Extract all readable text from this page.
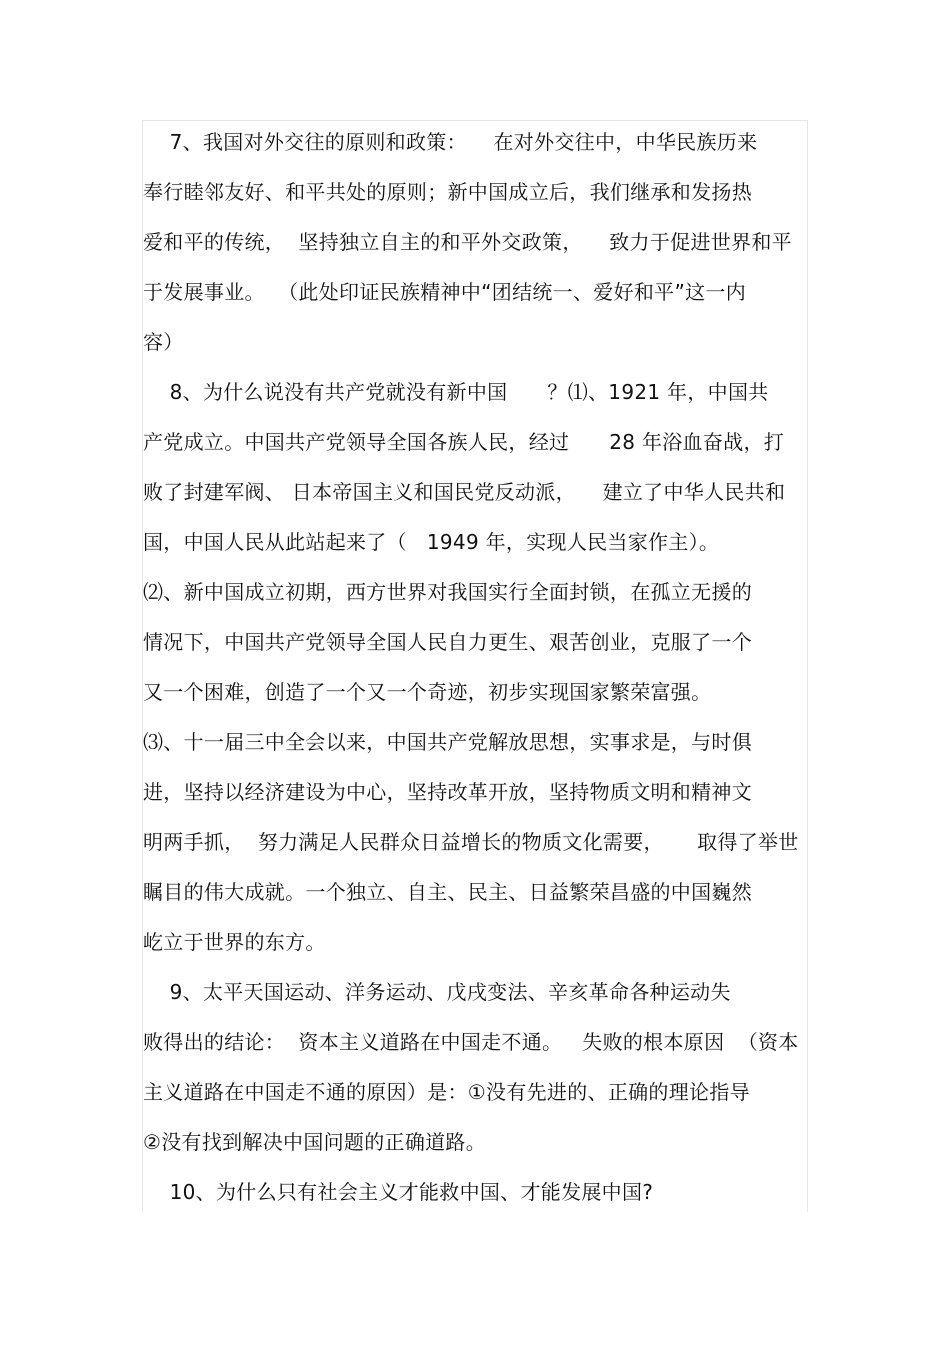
7、我国对外交往的原则和政策：    在对外交往中，中华民族历来
奉行睦邻友好、和平共处的原则；新中国成立后，我们继承和发扬热
爱和平的传统，  坚持独立自主的和平外交政策，    致力于促进世界和平
于发展事业。  （此处印证民族精神中“团结统一、爱好和平”这一内
容）
8、为什么说没有共产党就没有新中国      ？⑴、1921 年，中国共
产党成立。中国共产党领导全国各族人民，经过      28 年浴血奋战，打
败了封建军阀、 日本帝国主义和国民党反动派，    建立了中华人民共和
国，中国人民从此站起来了（   1949 年，实现人民当家作主）。
⑵、新中国成立初期，西方世界对我国实行全面封锁，在孤立无援的
情况下，中国共产党领导全国人民自力更生、艰苦创业，克服了一个
又一个困难，创造了一个又一个奇迹，初步实现国家繁荣富强。
⑶、十一届三中全会以来，中国共产党解放思想，实事求是，与时俱
进，坚持以经济建设为中心，坚持改革开放，坚持物质文明和精神文
明两手抓，  努力满足人民群众日益增长的物质文化需要，     取得了举世
瞩目的伟大成就。一个独立、自主、民主、日益繁荣昌盛的中国巍然
屹立于世界的东方。
9、太平天国运动、洋务运动、戊戌变法、辛亥革命各种运动失
败得出的结论：  资本主义道路在中国走不通。   失败的根本原因  （资本
主义道路在中国走不通的原因）是：①没有先进的、正确的理论指导
②没有找到解决中国问题的正确道路。
10、为什么只有社会主义才能救中国、才能发展中国?
